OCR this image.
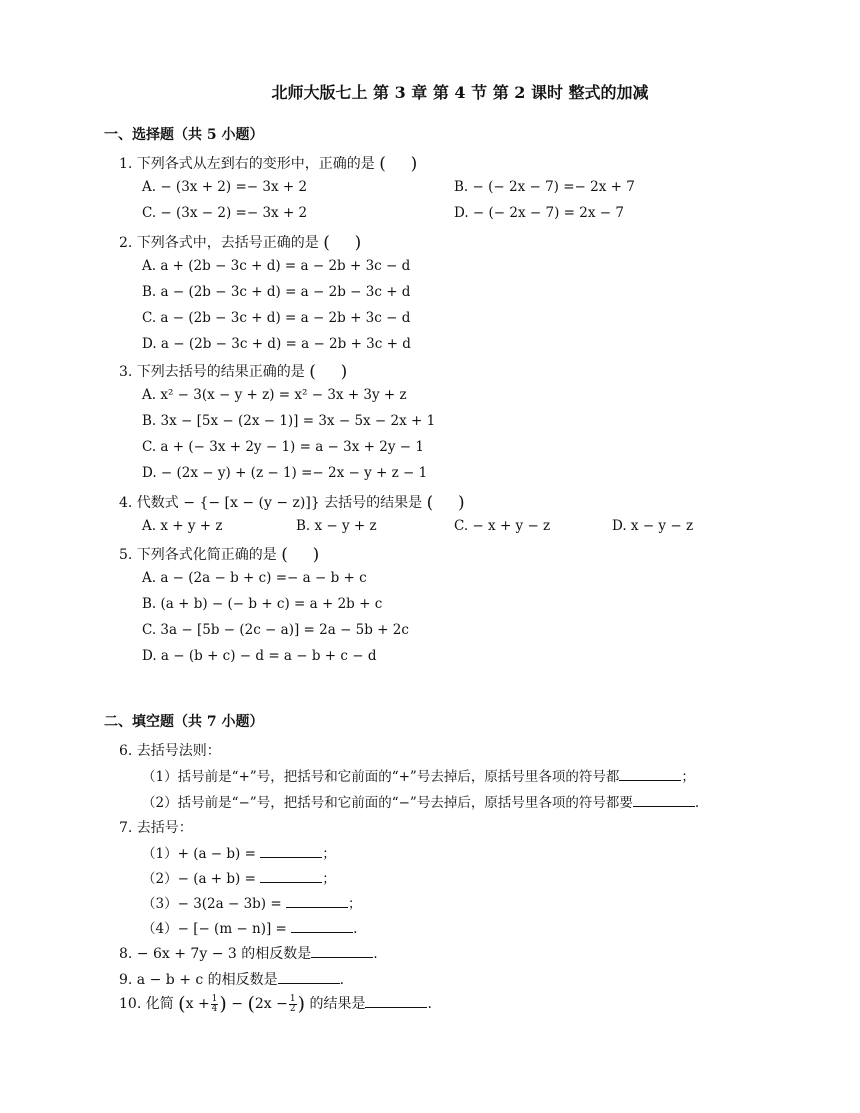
北师大版七上 第 3 章 第 4 节 第 2 课时 整式的加减
一、选择题（共 5 小题）
1. 下列各式从左到右的变形中，正确的是 (   )
A. − (3x + 2) =− 3x + 2	B. − (− 2x − 7) =− 2x + 7
C. − (3x − 2) =− 3x + 2	D. − (− 2x − 7) = 2x − 7
2. 下列各式中，去括号正确的是 (   )
A. a + (2b − 3c + d) = a − 2b + 3c − d
B. a − (2b − 3c + d) = a − 2b − 3c + d
C. a − (2b − 3c + d) = a − 2b + 3c − d
D. a − (2b − 3c + d) = a − 2b + 3c + d
3. 下列去括号的结果正确的是 (   )
A. x² − 3(x − y + z) = x² − 3x + 3y + z
B. 3x − [5x − (2x − 1)] = 3x − 5x − 2x + 1
C. a + (− 3x + 2y − 1) = a − 3x + 2y − 1
D. − (2x − y) + (z − 1) =− 2x − y + z − 1
4. 代数式 − {− [x − (y − z)]} 去括号的结果是 (   )
A. x + y + z	B. x − y + z	C. − x + y − z	D. x − y − z
5. 下列各式化简正确的是 (   )
A. a − (2a − b + c) =− a − b + c
B. (a + b) − (− b + c) = a + 2b + c
C. 3a − [5b − (2c − a)] = 2a − 5b + 2c
D. a − (b + c) − d = a − b + c − d
二、填空题（共 7 小题）
6. 去括号法则：
（1）括号前是“+”号，把括号和它前面的“+”号去掉后，原括号里各项的符号都	；
（2）括号前是“−”号，把括号和它前面的“−”号去掉后，原括号里各项的符号都要	.
7. 去括号：
（1）+ (a − b) =	；
（2）− (a + b) =	；
（3）− 3(2a − 3b) =	；
（4）− [− (m − n)] =	.
8. − 6x + 7y − 3 的相反数是	.
9. a − b + c 的相反数是	.
10. 化简 ($x + \frac{1}{4}$ ) − ($2x - \frac{1}{2}$ ) 的结果是	.
